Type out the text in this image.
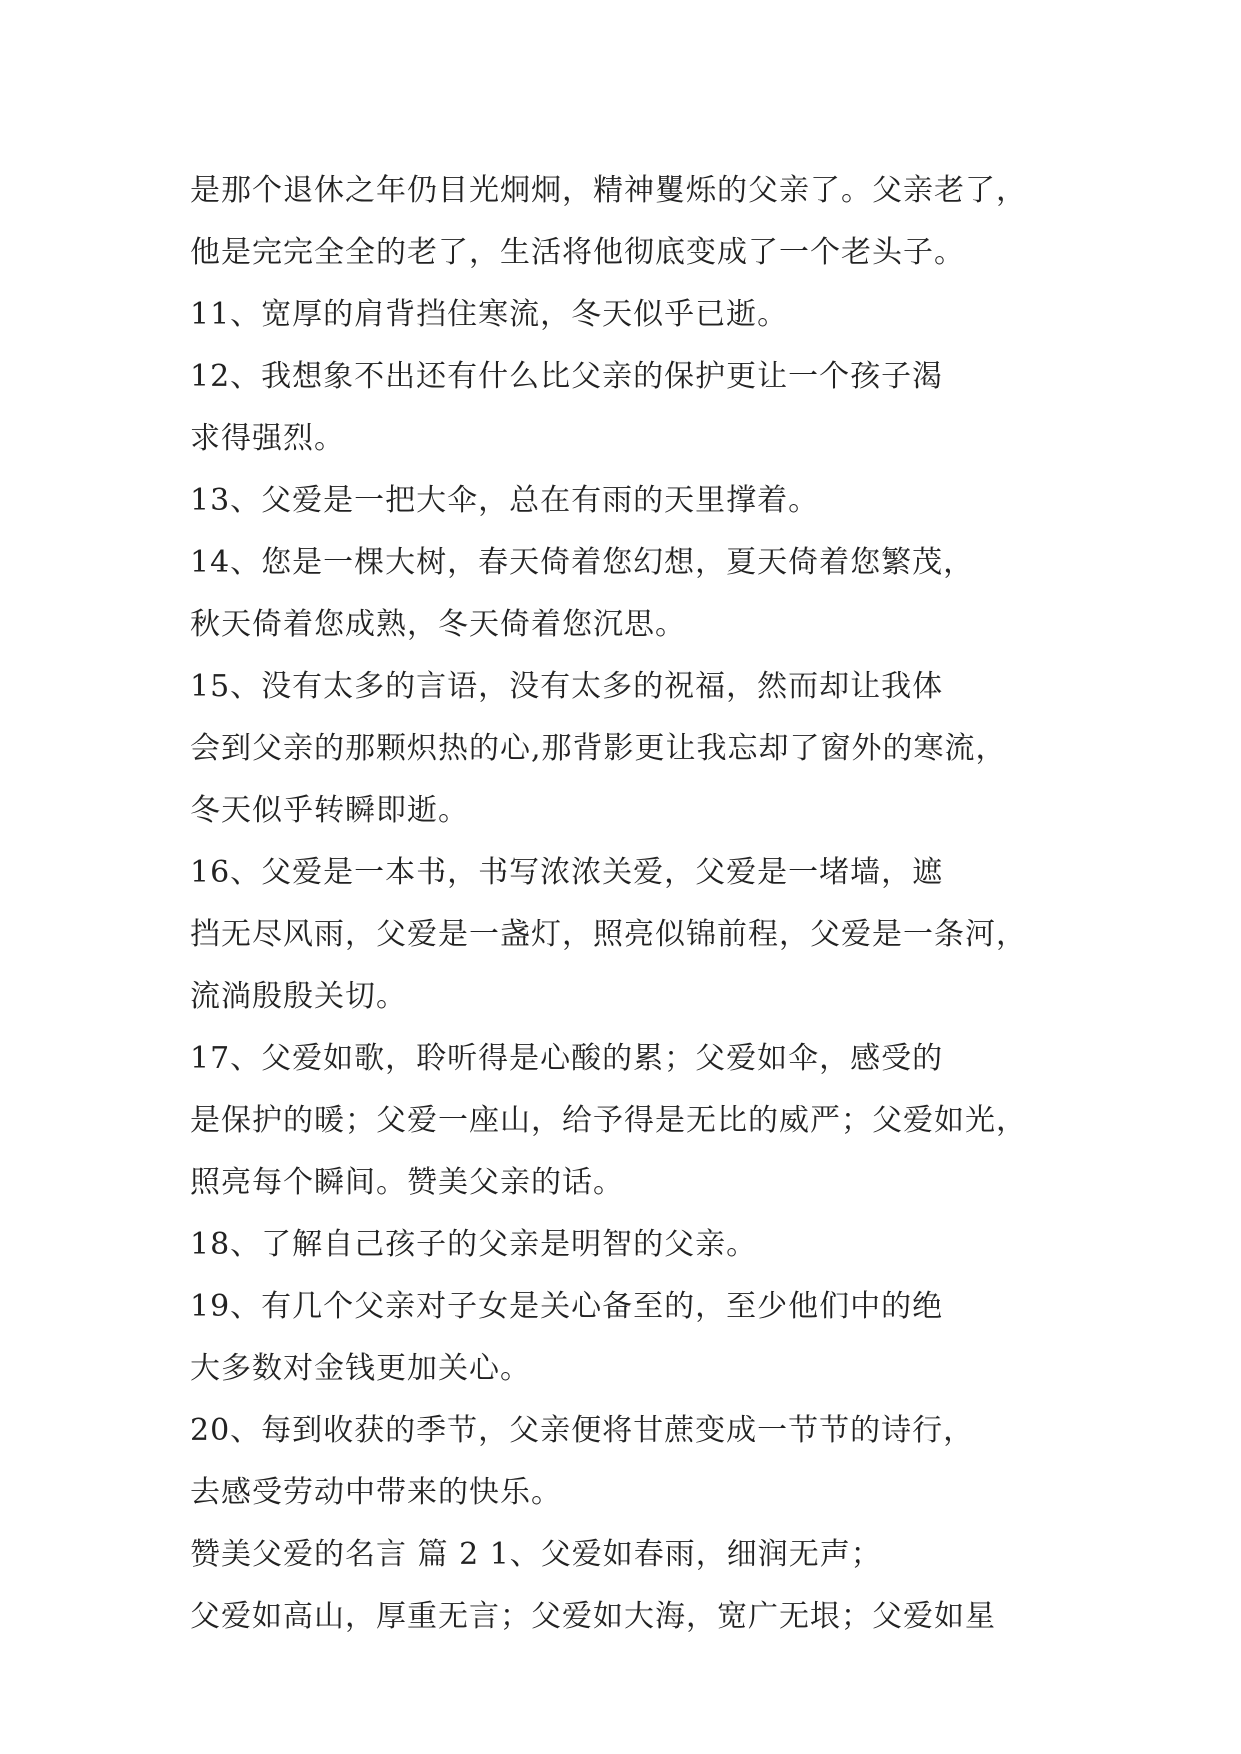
是那个退休之年仍目光炯炯，精神矍烁的父亲了。父亲老了，

他是完完全全的老了，生活将他彻底变成了一个老头子。

11、宽厚的肩背挡住寒流，冬天似乎已逝。

12、我想象不出还有什么比父亲的保护更让一个孩子渴

求得强烈。

13、父爱是一把大伞，总在有雨的天里撑着。

14、您是一棵大树，春天倚着您幻想，夏天倚着您繁茂，

秋天倚着您成熟，冬天倚着您沉思。

15、没有太多的言语，没有太多的祝福，然而却让我体

会到父亲的那颗炽热的心,那背影更让我忘却了窗外的寒流，

冬天似乎转瞬即逝。

16、父爱是一本书，书写浓浓关爱，父爱是一堵墙，遮

挡无尽风雨，父爱是一盏灯，照亮似锦前程，父爱是一条河，

流淌殷殷关切。

17、父爱如歌，聆听得是心酸的累；父爱如伞，感受的

是保护的暖；父爱一座山，给予得是无比的威严；父爱如光，

照亮每个瞬间。赞美父亲的话。

18、了解自己孩子的父亲是明智的父亲。

19、有几个父亲对子女是关心备至的，至少他们中的绝

大多数对金钱更加关心。

20、每到收获的季节，父亲便将甘蔗变成一节节的诗行，

去感受劳动中带来的快乐。

赞美父爱的名言 篇 2 1、父爱如春雨，细润无声；

父爱如高山，厚重无言；父爱如大海，宽广无垠；父爱如星
